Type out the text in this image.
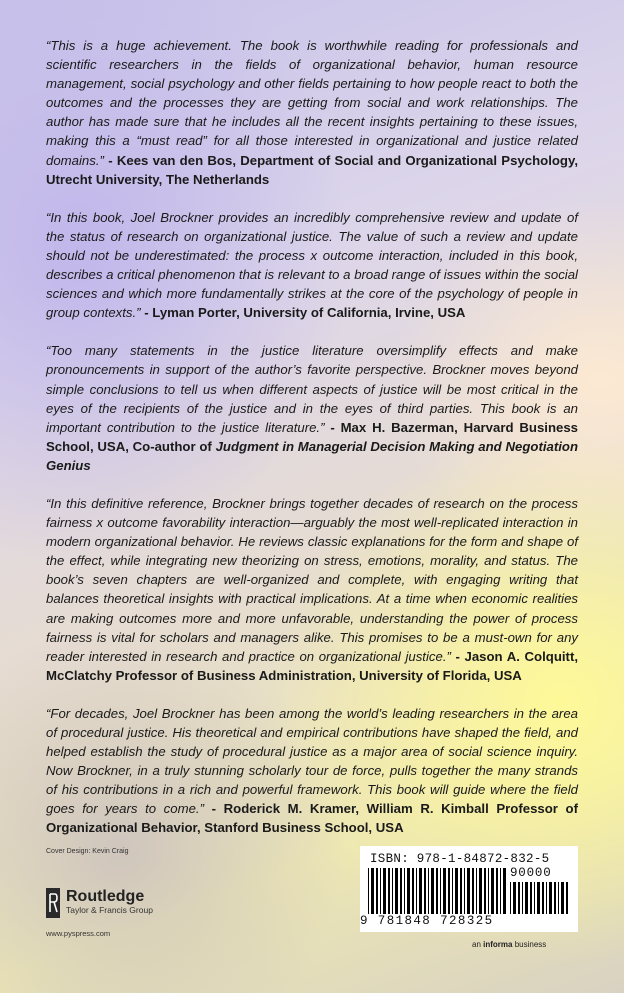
“This is a huge achievement. The book is worthwhile reading for professionals and scientific researchers in the fields of organizational behavior, human resource management, social psychology and other fields pertaining to how people react to both the outcomes and the processes they are getting from social and work relationships. The author has made sure that he includes all the recent insights pertaining to these issues, making this a “must read” for all those interested in organizational and justice related domains.” - Kees van den Bos, Department of Social and Organizational Psychology, Utrecht University, The Netherlands

“In this book, Joel Brockner provides an incredibly comprehensive review and update of the status of research on organizational justice. The value of such a review and update should not be underestimated: the process x outcome interaction, included in this book, describes a critical phenomenon that is relevant to a broad range of issues within the social sciences and which more fundamentally strikes at the core of the psychology of people in group contexts.” - Lyman Porter, University of California, Irvine, USA

“Too many statements in the justice literature oversimplify effects and make pronouncements in support of the author’s favorite perspective. Brockner moves beyond simple conclusions to tell us when different aspects of justice will be most critical in the eyes of the recipients of the justice and in the eyes of third parties. This book is an important contribution to the justice literature.” - Max H. Bazerman, Harvard Business School, USA, Co-author of Judgment in Managerial Decision Making and Negotiation Genius

“In this definitive reference, Brockner brings together decades of research on the process fairness x outcome favorability interaction—arguably the most well-replicated interaction in modern organizational behavior. He reviews classic explanations for the form and shape of the effect, while integrating new theorizing on stress, emotions, morality, and status. The book’s seven chapters are well-organized and complete, with engaging writing that balances theoretical insights with practical implications. At a time when economic realities are making outcomes more and more unfavorable, understanding the power of process fairness is vital for scholars and managers alike. This promises to be a must-own for any reader interested in research and practice on organizational justice.” - Jason A. Colquitt, McClatchy Professor of Business Administration, University of Florida, USA

“For decades, Joel Brockner has been among the world’s leading researchers in the area of procedural justice. His theoretical and empirical contributions have shaped the field, and helped establish the study of procedural justice as a major area of social science inquiry. Now Brockner, in a truly stunning scholarly tour de force, pulls together the many strands of his contributions in a rich and powerful framework. This book will guide where the field goes for years to come.” - Roderick M. Kramer, William R. Kimball Professor of Organizational Behavior, Stanford Business School, USA

Cover Design: Kevin Craig
Routledge
Taylor & Francis Group
www.pyspress.com
ISBN: 978-1-84872-832-5
90000
9 781848 728325
an informa business
